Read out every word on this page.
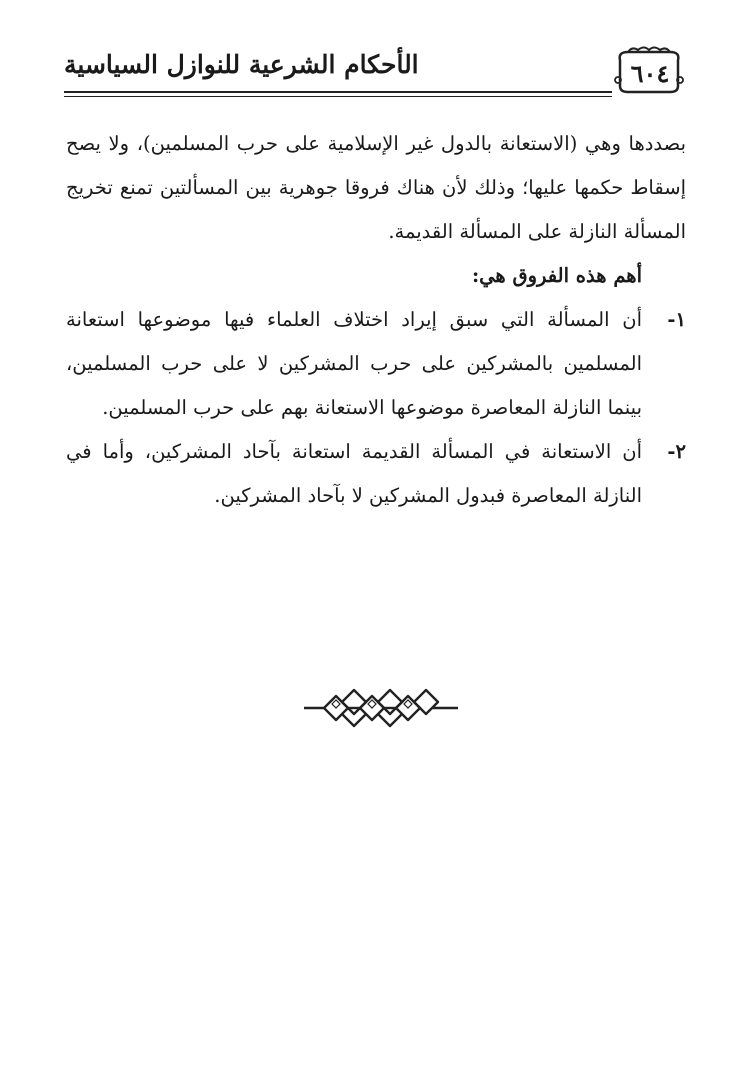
الأحكام الشرعية للنوازل السياسية	٦٠٤

بصددها وهي (الاستعانة بالدول غير الإسلامية على حرب المسلمين)، ولا يصح إسقاط حكمها عليها؛ وذلك لأن هناك فروقا جوهرية بين المسألتين تمنع تخريج المسألة النازلة على المسألة القديمة.

أهم هذه الفروق هي:

١-
أن المسألة التي سبق إيراد اختلاف العلماء فيها موضوعها استعانة المسلمين بالمشركين على حرب المشركين لا على حرب المسلمين، بينما النازلة المعاصرة موضوعها الاستعانة بهم على حرب المسلمين.
٢-
أن الاستعانة في المسألة القديمة استعانة بآحاد المشركين، وأما في النازلة المعاصرة فبدول المشركين لا بآحاد المشركين.
